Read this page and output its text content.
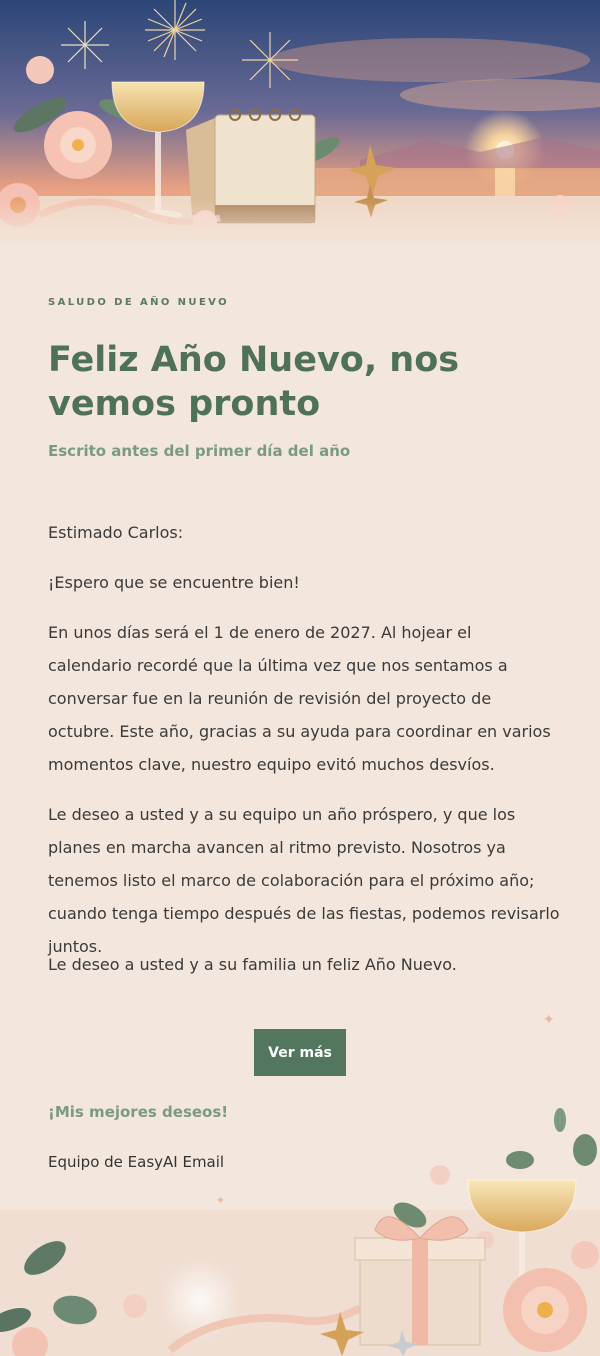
SALUDO DE AÑO NUEVO
Feliz Año Nuevo, nos vemos pronto
Escrito antes del primer día del año

Estimado Carlos:

¡Espero que se encuentre bien!

En unos días será el 1 de enero de 2027. Al hojear el calendario recordé que la última vez que nos sentamos a conversar fue en la reunión de revisión del proyecto de octubre. Este año, gracias a su ayuda para coordinar en varios momentos clave, nuestro equipo evitó muchos desvíos.

Le deseo a usted y a su equipo un año próspero, y que los planes en marcha avancen al ritmo previsto. Nosotros ya tenemos listo el marco de colaboración para el próximo año; cuando tenga tiempo después de las fiestas, podemos revisarlo juntos.

Le deseo a usted y a su familia un feliz Año Nuevo.

Ver más
¡Mis mejores deseos!
Equipo de EasyAI Email
✦
✦
